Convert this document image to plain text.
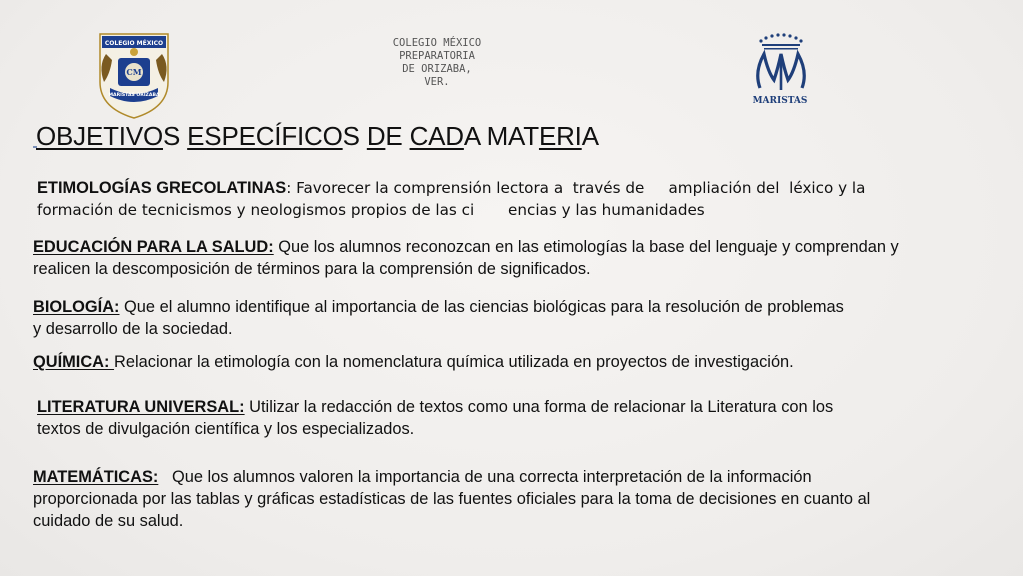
COLEGIO MÉXICO
CM
MARISTAS ORIZABA
COLEGIO MÉXICO
PREPARATORIA
DE ORIZABA,
VER.
MARISTAS
OBJETIVOS ESPECÍFICOS DE CADA MATERIA
ETIMOLOGÍAS GRECOLATINAS: Favorecer la comprensión lectora a  través de     ampliación del  léxico y la
formación de tecnicismos y neologismos propios de las ci       encias y las humanidades
EDUCACIÓN PARA LA SALUD: Que los alumnos reconozcan en las etimologías la base del lenguaje y comprendan y
realicen la descomposición de términos para la comprensión de significados.
BIOLOGÍA: Que el alumno identifique al importancia de las ciencias biológicas para la resolución de problemas
y desarrollo de la sociedad.
QUÍMICA: Relacionar la etimología con la nomenclatura química utilizada en proyectos de investigación.
LITERATURA UNIVERSAL: Utilizar la redacción de textos como una forma de relacionar la Literatura con los
textos de divulgación científica y los especializados.
MATEMÁTICAS:   Que los alumnos valoren la importancia de una correcta interpretación de la información
proporcionada por las tablas y gráficas estadísticas de las fuentes oficiales para la toma de decisiones en cuanto al
cuidado de su salud.
